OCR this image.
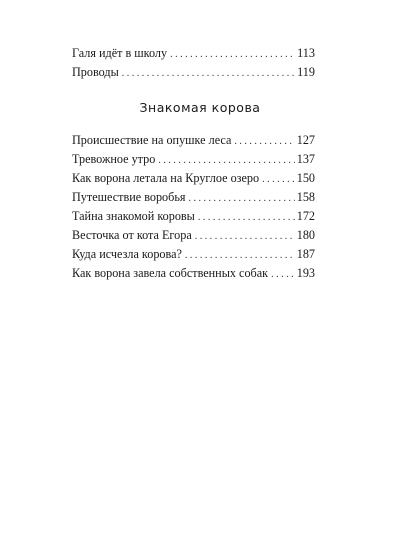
Галя идёт в школу . . .	113
Проводы . . .	119
Знакомая корова
Происшествие на опушке леса . . .	127
Тревожное утро . . .	137
Как ворона летала на Круглое озеро . . .	150
Путешествие воробья . . .	158
Тайна знакомой коровы . . .	172
Весточка от кота Егора . . .	180
Куда исчезла корова? . . .	187
Как ворона завела собственных собак . . . 193
